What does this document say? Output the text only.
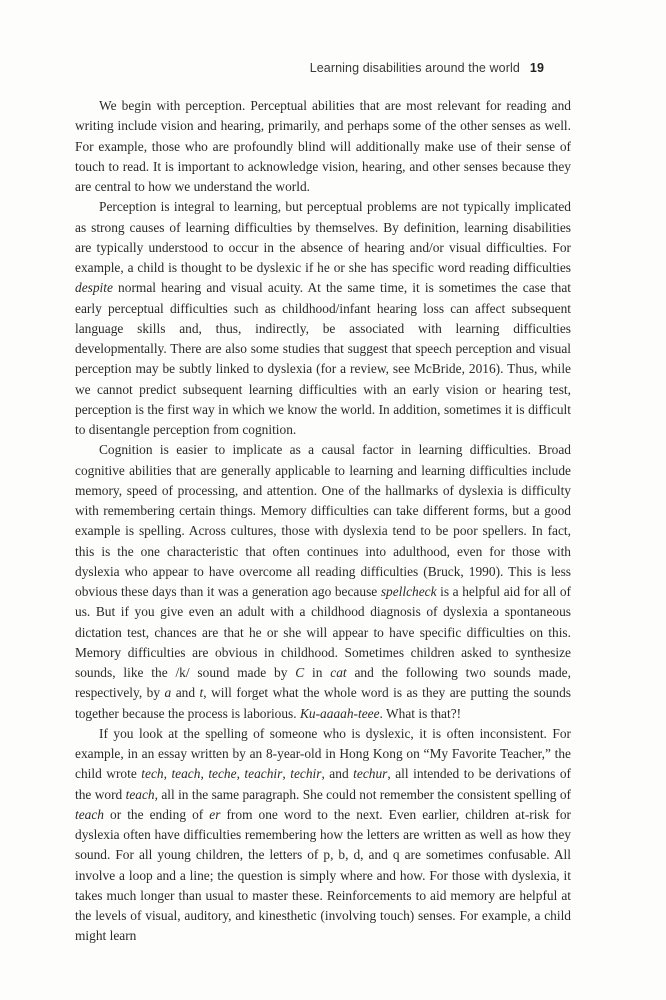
Learning disabilities around the world 19

We begin with perception. Perceptual abilities that are most relevant for reading and writing include vision and hearing, primarily, and perhaps some of the other senses as well. For example, those who are profoundly blind will additionally make use of their sense of touch to read. It is important to acknowledge vision, hearing, and other senses because they are central to how we understand the world.

Perception is integral to learning, but perceptual problems are not typically implicated as strong causes of learning difficulties by themselves. By definition, learning disabilities are typically understood to occur in the absence of hearing and/or visual difficulties. For example, a child is thought to be dyslexic if he or she has specific word reading difficulties despite normal hearing and visual acuity. At the same time, it is sometimes the case that early perceptual difficulties such as childhood/infant hearing loss can affect subsequent language skills and, thus, indirectly, be associated with learning difficulties developmentally. There are also some studies that suggest that speech perception and visual perception may be subtly linked to dyslexia (for a review, see McBride, 2016). Thus, while we cannot predict subsequent learning difficulties with an early vision or hearing test, perception is the first way in which we know the world. In addition, sometimes it is difficult to disentangle perception from cognition.

Cognition is easier to implicate as a causal factor in learning difficulties. Broad cognitive abilities that are generally applicable to learning and learning difficulties include memory, speed of processing, and attention. One of the hallmarks of dyslexia is difficulty with remembering certain things. Memory difficulties can take different forms, but a good example is spelling. Across cultures, those with dyslexia tend to be poor spellers. In fact, this is the one characteristic that often continues into adulthood, even for those with dyslexia who appear to have overcome all reading difficulties (Bruck, 1990). This is less obvious these days than it was a generation ago because spellcheck is a helpful aid for all of us. But if you give even an adult with a childhood diagnosis of dyslexia a spontaneous dictation test, chances are that he or she will appear to have specific difficulties on this. Memory difficulties are obvious in childhood. Sometimes children asked to synthesize sounds, like the /k/ sound made by C in cat and the following two sounds made, respectively, by a and t, will forget what the whole word is as they are putting the sounds together because the process is laborious. Ku-aaaah-teee. What is that?!

If you look at the spelling of someone who is dyslexic, it is often inconsistent. For example, in an essay written by an 8-year-old in Hong Kong on “My Favorite Teacher,” the child wrote tech, teach, teche, teachir, techir, and techur, all intended to be derivations of the word teach, all in the same paragraph. She could not remember the consistent spelling of teach or the ending of er from one word to the next. Even earlier, children at-risk for dyslexia often have difficulties remembering how the letters are written as well as how they sound. For all young children, the letters of p, b, d, and q are sometimes confusable. All involve a loop and a line; the question is simply where and how. For those with dyslexia, it takes much longer than usual to master these. Reinforcements to aid memory are helpful at the levels of visual, auditory, and kinesthetic (involving touch) senses. For example, a child might learn
